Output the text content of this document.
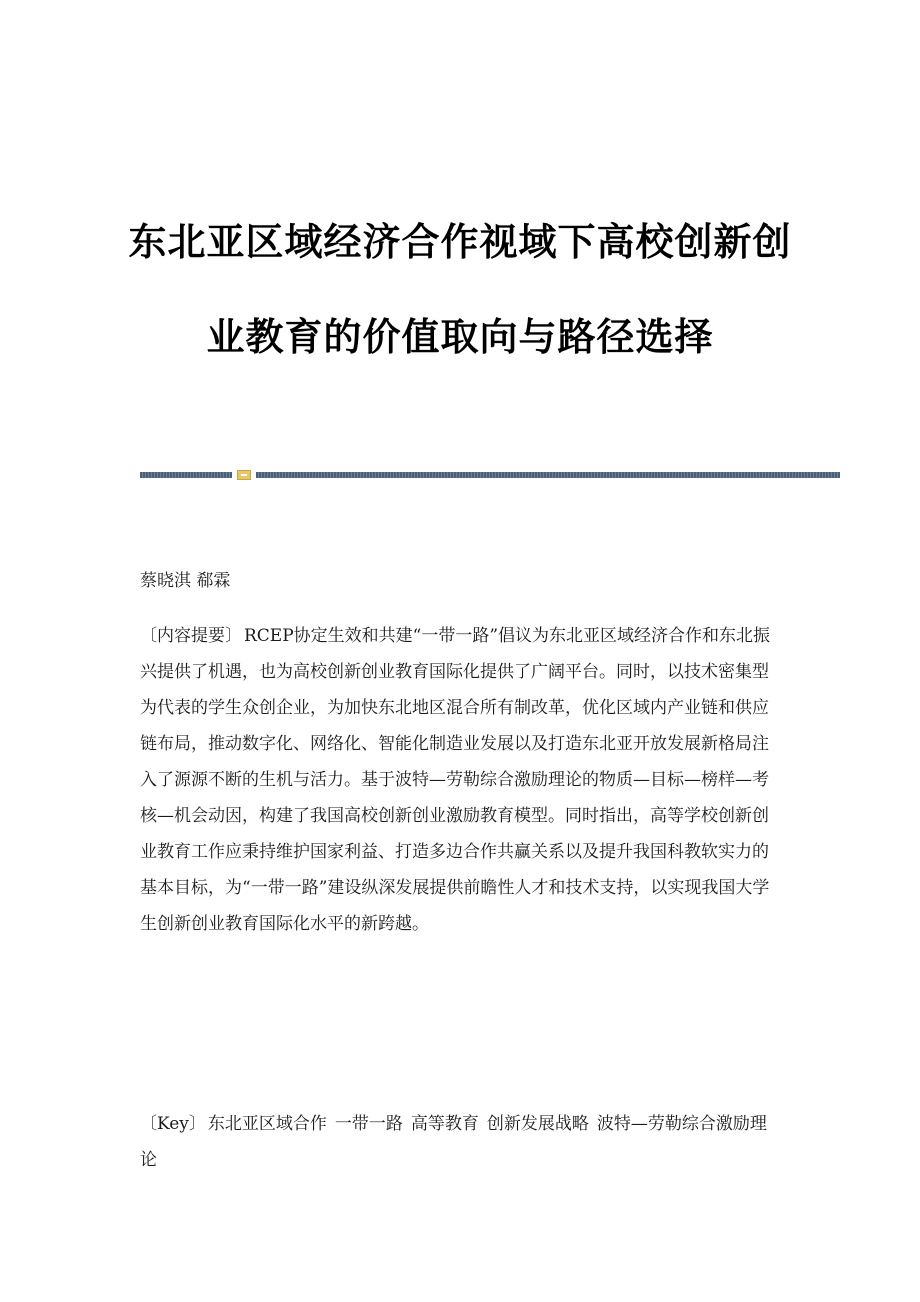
东北亚区域经济合作视域下高校创新创
业教育的价值取向与路径选择
蔡晓淇 郗霖

〔内容提要〕 RCEP协定生效和共建“一带一路”倡议为东北亚区域经济合作和东北振兴提供了机遇，也为高校创新创业教育国际化提供了广阔平台。同时，以技术密集型为代表的学生众创企业，为加快东北地区混合所有制改革，优化区域内产业链和供应链布局，推动数字化、网络化、智能化制造业发展以及打造东北亚开放发展新格局注入了源源不断的生机与活力。基于波特—劳勒综合激励理论的物质—目标—榜样—考核—机会动因，构建了我国高校创新创业激励教育模型。同时指出，高等学校创新创业教育工作应秉持维护国家利益、打造多边合作共赢关系以及提升我国科教软实力的基本目标，为“一带一路”建设纵深发展提供前瞻性人才和技术支持，以实现我国大学生创新创业教育国际化水平的新跨越。

〔Key〕 东北亚区域合作 一带一路 高等教育 创新发展战略 波特—劳勒综合激励理论
